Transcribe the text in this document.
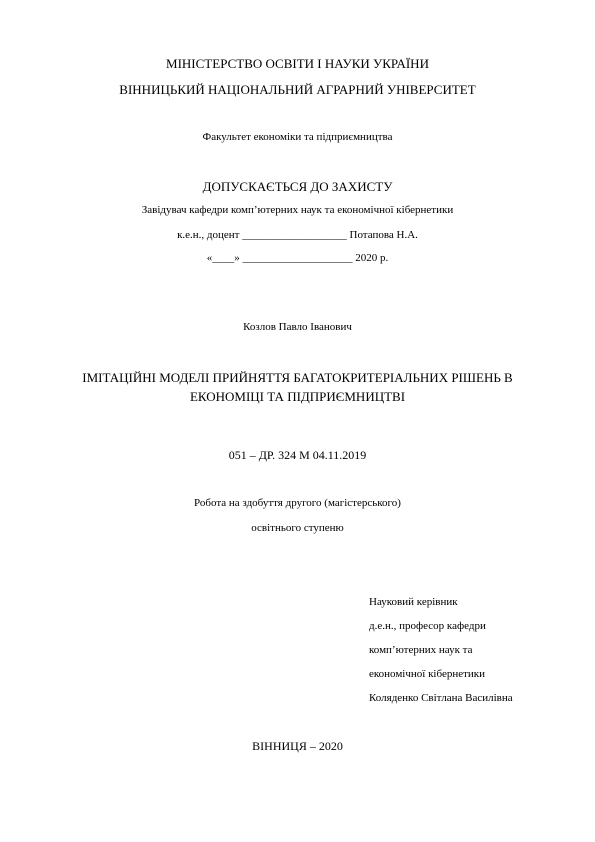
МІНІСТЕРСТВО ОСВІТИ І НАУКИ УКРАЇНИ
ВІННИЦЬКИЙ НАЦІОНАЛЬНИЙ АГРАРНИЙ УНІВЕРСИТЕТ
Факультет економіки та підприємництва
ДОПУСКАЄТЬСЯ ДО ЗАХИСТУ
Завідувач кафедри комп’ютерних наук та економічної кібернетики
к.е.н., доцент ___________________ Потапова Н.А.
«____» ____________________ 2020 р.
Козлов Павло Іванович
ІМІТАЦІЙНІ МОДЕЛІ ПРИЙНЯТТЯ БАГАТОКРИТЕРІАЛЬНИХ РІШЕНЬ В
ЕКОНОМІЦІ ТА ПІДПРИЄМНИЦТВІ
051 – ДР. 324 М 04.11.2019
Робота на здобуття другого (магістерського)
освітнього ступеню
Науковий керівник
д.е.н., професор кафедри
комп’ютерних наук та
економічної кібернетики
Коляденко Світлана Василівна
ВІННИЦЯ – 2020
